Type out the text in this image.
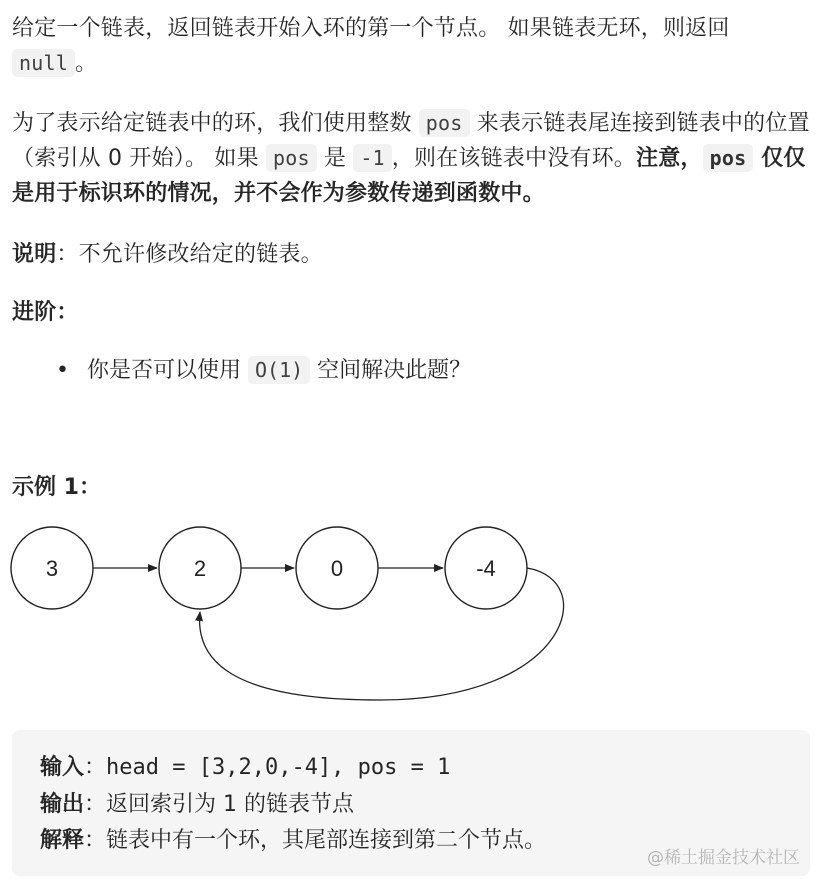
给定一个链表，返回链表开始入环的第一个节点。 如果链表无环，则返回 null 。

为了表示给定链表中的环，我们使用整数 pos 来表示链表尾连接到链表中的位置（索引从 0 开始）。 如果 pos 是 -1 ，则在该链表中没有环。注意， pos 仅仅是用于标识环的情况，并不会作为参数传递到函数中。

说明：不允许修改给定的链表。

进阶：

• 你是否可以使用 O(1) 空间解决此题？

示例 1：

3	2	0	-4
输入：head = [3,2,0,-4], pos = 1
输出：返回索引为 1 的链表节点
解释：链表中有一个环，其尾部连接到第二个节点。
@稀土掘金技术社区
